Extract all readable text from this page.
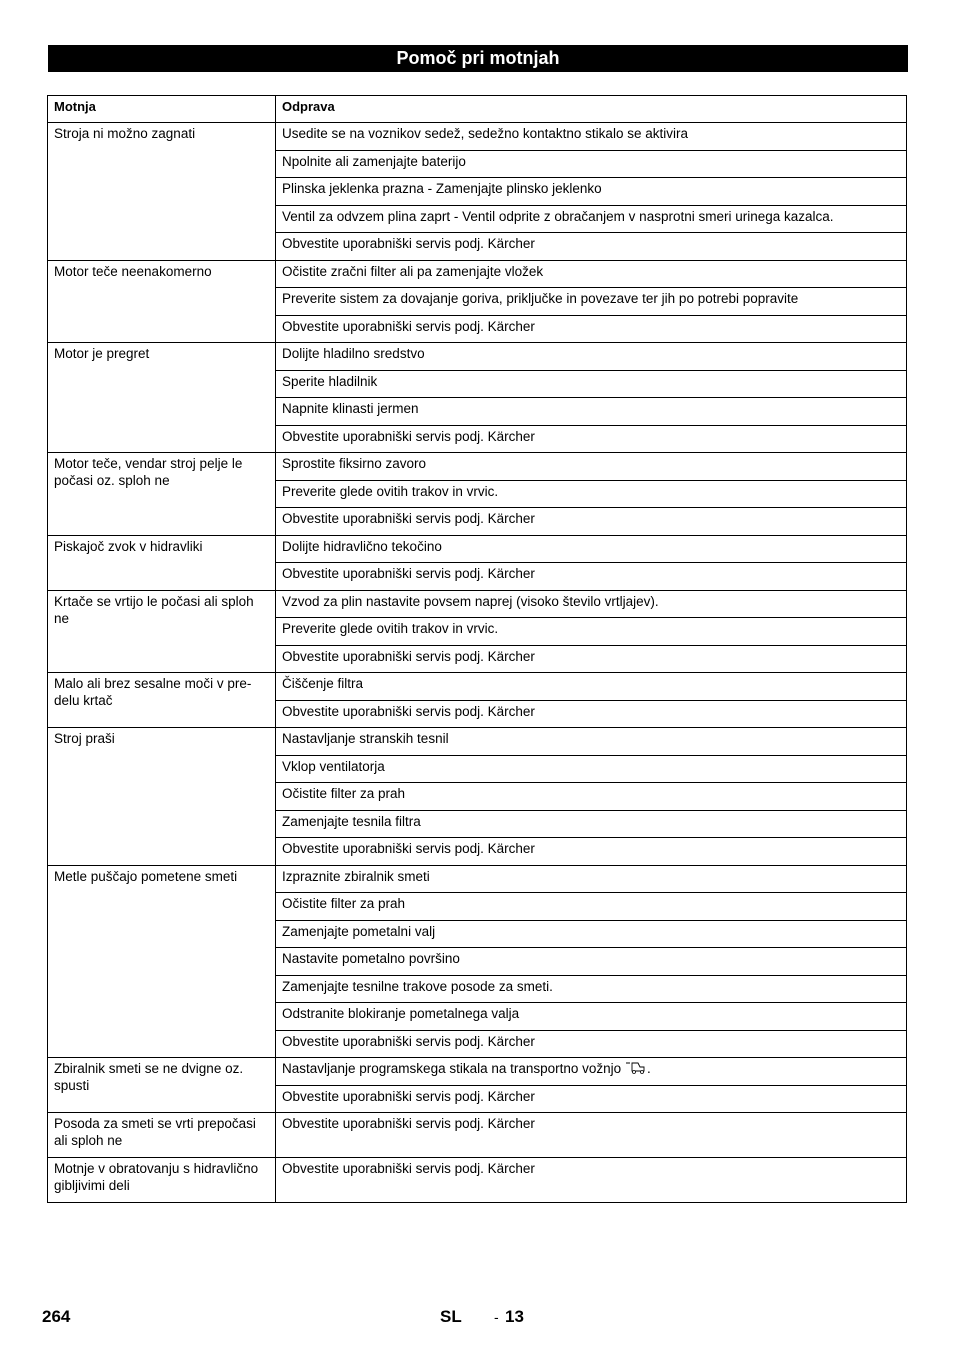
Pomoč pri motnjah
Motnja	Odprava
Stroja ni možno zagnati	Usedite se na voznikov sedež, sedežno kontaktno stikalo se aktivira
	Npolnite ali zamenjajte baterijo
	Plinska jeklenka prazna - Zamenjajte plinsko jeklenko
	Ventil za odvzem plina zaprt - Ventil odprite z obračanjem v nasprotni smeri urinega kazalca.
	Obvestite uporabniški servis podj. Kärcher
Motor teče neenakomerno	Očistite zračni filter ali pa zamenjajte vložek
	Preverite sistem za dovajanje goriva, priključke in povezave ter jih po potrebi popravite
	Obvestite uporabniški servis podj. Kärcher
Motor je pregret	Dolijte hladilno sredstvo
	Sperite hladilnik
	Napnite klinasti jermen
	Obvestite uporabniški servis podj. Kärcher
Motor teče, vendar stroj pelje le počasi oz. sploh ne	Sprostite fiksirno zavoro
	Preverite glede ovitih trakov in vrvic.
	Obvestite uporabniški servis podj. Kärcher
Piskajoč zvok v hidravliki	Dolijte hidravlično tekočino
	Obvestite uporabniški servis podj. Kärcher
Krtače se vrtijo le počasi ali sploh ne	Vzvod za plin nastavite povsem naprej (visoko število vrtljajev).
	Preverite glede ovitih trakov in vrvic.
	Obvestite uporabniški servis podj. Kärcher
Malo ali brez sesalne moči v pre-delu krtač	Čiščenje filtra
	Obvestite uporabniški servis podj. Kärcher
Stroj praši	Nastavljanje stranskih tesnil
	Vklop ventilatorja
	Očistite filter za prah
	Zamenjajte tesnila filtra
	Obvestite uporabniški servis podj. Kärcher
Metle puščajo pometene smeti	Izpraznite zbiralnik smeti
	Očistite filter za prah
	Zamenjajte pometalni valj
	Nastavite pometalno površino
	Zamenjajte tesnilne trakove posode za smeti.
	Odstranite blokiranje pometalnega valja
	Obvestite uporabniški servis podj. Kärcher
Zbiralnik smeti se ne dvigne oz. spusti	Nastavljanje programskega stikala na transportno vožnjo .
	Obvestite uporabniški servis podj. Kärcher
Posoda za smeti se vrti prepočasi ali sploh ne	Obvestite uporabniški servis podj. Kärcher
Motnje v obratovanju s hidravlično gibljivimi deli	Obvestite uporabniški servis podj. Kärcher
264	SL - 13
